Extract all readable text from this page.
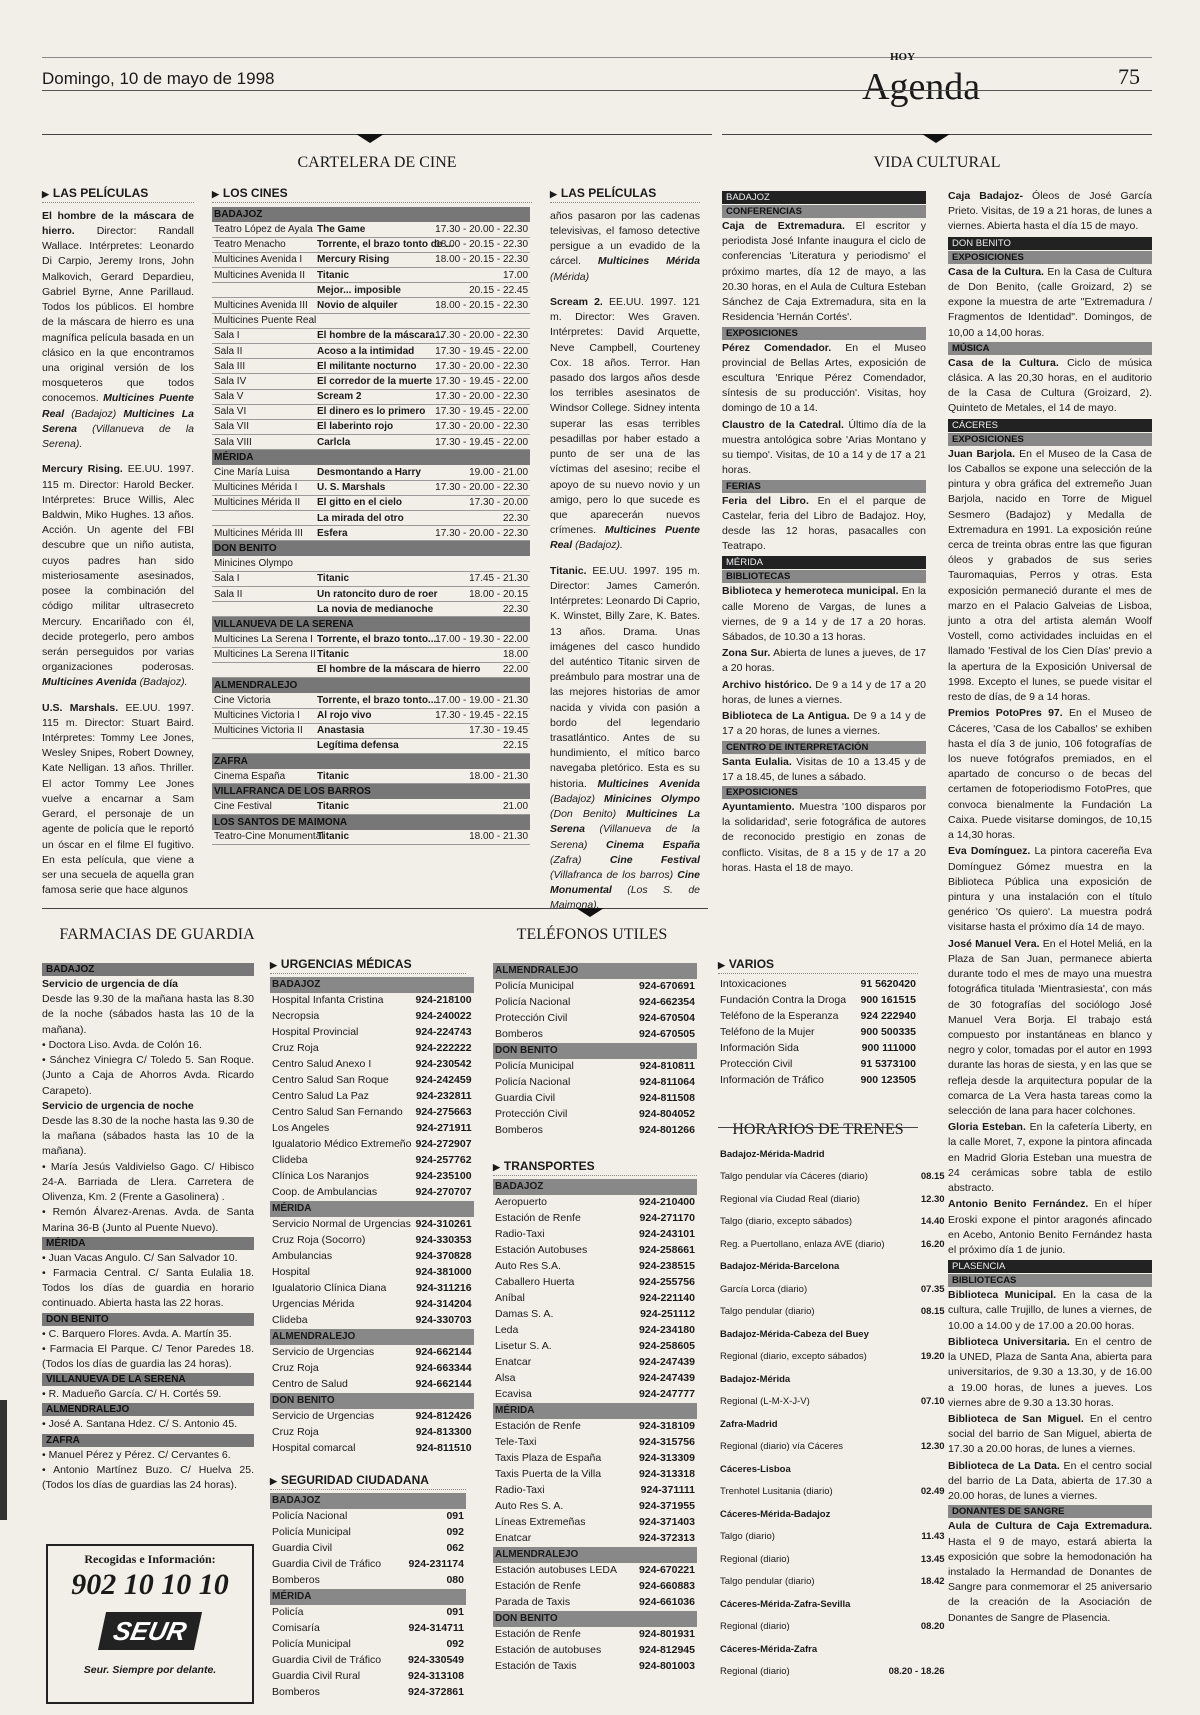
Domingo, 10 de mayo de 1998
HOY
Agenda	75
CARTELERA DE CINE	VIDA CULTURAL
▶ LAS PELÍCULAS
El hombre de la máscara de hierro. Director: Randall Wallace. Intérpretes: Leonardo Di Carpio, Jeremy Irons, John Malkovich, Gerard Depardieu, Gabriel Byrne, Anne Parillaud. Todos los públicos. El hombre de la máscara de hierro es una magnífica película basada en un clásico en la que encontramos una original versión de los mosqueteros que todos conocemos. Multicines Puente Real (Badajoz) Multicines La Serena (Villanueva de la Serena).
Mercury Rising. EE.UU. 1997. 115 m. Director: Harold Becker. Intérpretes: Bruce Willis, Alec Baldwin, Miko Hughes. 13 años. Acción. Un agente del FBI descubre que un niño autista, cuyos padres han sido misteriosamente asesinados, posee la combinación del código militar ultrasecreto Mercury. Encariñado con él, decide protegerlo, pero ambos serán perseguidos por varias organizaciones poderosas. Multicines Avenida (Badajoz).
U.S. Marshals. EE.UU. 1997. 115 m. Director: Stuart Baird. Intérpretes: Tommy Lee Jones, Wesley Snipes, Robert Downey, Kate Nelligan. 13 años. Thriller. El actor Tommy Lee Jones vuelve a encarnar a Sam Gerard, el personaje de un agente de policía que le reportó un óscar en el filme El fugitivo. En esta película, que viene a ser una secuela de aquella gran famosa serie que hace algunos
▶ LOS CINES
BADAJOZ		
Teatro López de Ayala	The Game	17.30 - 20.00 - 22.30
Teatro Menacho	Torrente, el brazo tonto de ...	18.00 - 20.15 - 22.30
Multicines Avenida I	Mercury Rising	18.00 - 20.15 - 22.30
Multicines Avenida II	Titanic	17.00
	Mejor... imposible	20.15 - 22.45
Multicines Avenida III	Novio de alquiler	18.00 - 20.15 - 22.30
Multicines Puente Real		
Sala I	El hombre de la máscara...	17.30 - 20.00 - 22.30
Sala II	Acoso a la intimidad	17.30 - 19.45 - 22.00
Sala III	El militante nocturno	17.30 - 20.00 - 22.30
Sala IV	El corredor de la muerte	17.30 - 19.45 - 22.00
Sala V	Scream 2	17.30 - 20.00 - 22.30
Sala VI	El dinero es lo primero	17.30 - 19.45 - 22.00
Sala VII	El laberinto rojo	17.30 - 20.00 - 22.30
Sala VIII	Carlcla	17.30 - 19.45 - 22.00
MÉRIDA		
Cine María Luisa	Desmontando a Harry	19.00 - 21.00
Multicines Mérida I	U. S. Marshals	17.30 - 20.00 - 22.30
Multicines Mérida II	El gitto en el cielo	17.30 - 20.00
	La mirada del otro	22.30
Multicines Mérida III	Esfera	17.30 - 20.00 - 22.30
DON BENITO		
Minicines Olympo		
Sala I	Titanic	17.45 - 21.30
Sala II	Un ratoncito duro de roer	18.00 - 20.15
	La novia de medianoche	22.30
VILLANUEVA DE LA SERENA		
Multicines La Serena I	Torrente, el brazo tonto...	17.00 - 19.30 - 22.00
Multicines La Serena II	Titanic	18.00
	El hombre de la máscara de hierro	22.00
ALMENDRALEJO		
Cine Victoria	Torrente, el brazo tonto...	17.00 - 19.00 - 21.30
Multicines Victoria I	Al rojo vivo	17.30 - 19.45 - 22.15
Multicines Victoria II	Anastasia	17.30 - 19.45
	Legítima defensa	22.15
ZAFRA		
Cinema España	Titanic	18.00 - 21.30
VILLAFRANCA DE LOS BARROS		
Cine Festival	Titanic	21.00
LOS SANTOS DE MAIMONA		
Teatro-Cine Monumental	Titanic	18.00 - 21.30
▶ LAS PELÍCULAS
años pasaron por las cadenas televisivas, el famoso detective persigue a un evadido de la cárcel. Multicines Mérida (Mérida)
Scream 2. EE.UU. 1997. 121 m. Director: Wes Graven. Intérpretes: David Arquette, Neve Campbell, Courteney Cox. 18 años. Terror. Han pasado dos largos años desde los terribles asesinatos de Windsor College. Sidney intenta superar las esas terribles pesadillas por haber estado a punto de ser una de las víctimas del asesino; recibe el apoyo de su nuevo novio y un amigo, pero lo que sucede es que aparecerán nuevos crímenes. Multicines Puente Real (Badajoz).
Titanic. EE.UU. 1997. 195 m. Director: James Camerón. Intérpretes: Leonardo Di Caprio, K. Winstet, Billy Zare, K. Bates. 13 años. Drama. Unas imágenes del casco hundido del auténtico Titanic sirven de preámbulo para mostrar una de las mejores historias de amor nacida y vivida con pasión a bordo del legendario trasatlántico. Antes de su hundimiento, el mítico barco navegaba pletórico. Esta es su historia. Multicines Avenida (Badajoz) Minicines Olympo (Don Benito) Multicines La Serena (Villanueva de la Serena) Cinema España (Zafra) Cine Festival (Villafranca de los barros) Cine Monumental (Los S. de Maimona).
BADAJOZ
CONFERENCIAS
Caja de Extremadura. El escritor y periodista José Infante inaugura el ciclo de conferencias 'Literatura y periodismo' el próximo martes, día 12 de mayo, a las 20.30 horas, en el Aula de Cultura Esteban Sánchez de Caja Extremadura, sita en la Residencia 'Hernán Cortés'.
EXPOSICIONES
Pérez Comendador. En el Museo provincial de Bellas Artes, exposición de escultura 'Enrique Pérez Comendador, síntesis de su producción'. Visitas, hoy domingo de 10 a 14.
Claustro de la Catedral. Último día de la muestra antológica sobre 'Arias Montano y su tiempo'. Visitas, de 10 a 14 y de 17 a 21 horas.
FERIAS
Feria del Libro. En el el parque de Castelar, feria del Libro de Badajoz. Hoy, desde las 12 horas, pasacalles con Teatrapo.
MÉRIDA
BIBLIOTECAS
Biblioteca y hemeroteca municipal. En la calle Moreno de Vargas, de lunes a viernes, de 9 a 14 y de 17 a 20 horas. Sábados, de 10.30 a 13 horas.
Zona Sur. Abierta de lunes a jueves, de 17 a 20 horas.
Archivo histórico. De 9 a 14 y de 17 a 20 horas, de lunes a viernes.
Biblioteca de La Antigua. De 9 a 14 y de 17 a 20 horas, de lunes a viernes.
CENTRO DE INTERPRETACIÓN
Santa Eulalia. Visitas de 10 a 13.45 y de 17 a 18.45, de lunes a sábado.
EXPOSICIONES
Ayuntamiento. Muestra '100 disparos por la solidaridad', serie fotográfica de autores de reconocido prestigio en zonas de conflicto. Visitas, de 8 a 15 y de 17 a 20 horas. Hasta el 18 de mayo.
Caja Badajoz- Óleos de José García Prieto. Visitas, de 19 a 21 horas, de lunes a viernes. Abierta hasta el día 15 de mayo.
DON BENITO
EXPOSICIONES
Casa de la Cultura. En la Casa de Cultura de Don Benito, (calle Groizard, 2) se expone la muestra de arte "Extremadura / Fragmentos de Identidad". Domingos, de 10,00 a 14,00 horas.
MÚSICA
Casa de la Cultura. Ciclo de música clásica. A las 20,30 horas, en el auditorio de la Casa de Cultura (Groizard, 2). Quinteto de Metales, el 14 de mayo.
CÁCERES
EXPOSICIONES
Juan Barjola. En el Museo de la Casa de los Caballos se expone una selección de la pintura y obra gráfica del extremeño Juan Barjola, nacido en Torre de Miguel Sesmero (Badajoz) y Medalla de Extremadura en 1991. La exposición reúne cerca de treinta obras entre las que figuran óleos y grabados de sus series Tauromaquias, Perros y otras. Esta exposición permaneció durante el mes de marzo en el Palacio Galveias de Lisboa, junto a otra del artista alemán Woolf Vostell, como actividades incluidas en el llamado 'Festival de los Cien Días' previo a la apertura de la Exposición Universal de 1998. Excepto el lunes, se puede visitar el resto de días, de 9 a 14 horas.
Premios PotoPres 97. En el Museo de Cáceres, 'Casa de los Caballos' se exhiben hasta el día 3 de junio, 106 fotografías de los nueve fotógrafos premiados, en el apartado de concurso o de becas del certamen de fotoperiodismo FotoPres, que convoca bienalmente la Fundación La Caixa. Puede visitarse domingos, de 10,15 a 14,30 horas.
Eva Domínguez. La pintora cacereña Eva Domínguez Gómez muestra en la Biblioteca Pública una exposición de pintura y una instalación con el título genérico 'Os quiero'. La muestra podrá visitarse hasta el próximo día 14 de mayo.
José Manuel Vera. En el Hotel Meliá, en la Plaza de San Juan, permanece abierta durante todo el mes de mayo una muestra fotográfica titulada 'Mientrasiesta', con más de 30 fotografías del sociólogo José Manuel Vera Borja. El trabajo está compuesto por instantáneas en blanco y negro y color, tomadas por el autor en 1993 durante las horas de siesta, y en las que se refleja desde la arquitectura popular de la comarca de La Vera hasta tareas como la selección de lana para hacer colchones.
Gloria Esteban. En la cafetería Liberty, en la calle Moret, 7, expone la pintora afincada en Madrid Gloria Esteban una muestra de 24 cerámicas sobre tabla de estilo abstracto.
Antonio Benito Fernández. En el híper Eroski expone el pintor aragonés afincado en Acebo, Antonio Benito Fernández hasta el próximo día 1 de junio.
PLASENCIA
BIBLIOTECAS
Biblioteca Municipal. En la casa de la cultura, calle Trujillo, de lunes a viernes, de 10.00 a 14.00 y de 17.00 a 20.00 horas.
Biblioteca Universitaria. En el centro de la UNED, Plaza de Santa Ana, abierta para universitarios, de 9.30 a 13.30, y de 16.00 a 19.00 horas, de lunes a jueves. Los viernes abre de 9.30 a 13.30 horas.
Biblioteca de San Miguel. En el centro social del barrio de San Miguel, abierta de 17.30 a 20.00 horas, de lunes a viernes.
Biblioteca de La Data. En el centro social del barrio de La Data, abierta de 17.30 a 20.00 horas, de lunes a viernes.
DONANTES DE SANGRE
Aula de Cultura de Caja Extremadura. Hasta el 9 de mayo, estará abierta la exposición que sobre la hemodonación ha instalado la Hermandad de Donantes de Sangre para conmemorar el 25 aniversario de la creación de la Asociación de Donantes de Sangre de Plasencia.
FARMACIAS DE GUARDIA
BADAJOZ
Servicio de urgencia de día
Desde las 9.30 de la mañana hasta las 8.30 de la noche (sábados hasta las 10 de la mañana).
• Doctora Liso. Avda. de Colón 16.
• Sánchez Viniegra C/ Toledo 5. San Roque. (Junto a Caja de Ahorros Avda. Ricardo Carapeto).
Servicio de urgencia de noche
Desde las 8.30 de la noche hasta las 9.30 de la mañana (sábados hasta las 10 de la mañana).
• María Jesús Valdivielso Gago. C/ Hibisco 24-A. Barriada de Llera. Carretera de Olivenza, Km. 2 (Frente a Gasolinera) .
• Remón Álvarez-Arenas. Avda. de Santa Marina 36-B (Junto al Puente Nuevo).
MÉRIDA
• Juan Vacas Angulo. C/ San Salvador 10.
• Farmacia Central. C/ Santa Eulalia 18. Todos los días de guardia en horario continuado. Abierta hasta las 22 horas.
DON BENITO
• C. Barquero Flores. Avda. A. Martín 35.
• Farmacia El Parque. C/ Tenor Paredes 18. (Todos los días de guardia las 24 horas).
VILLANUEVA DE LA SERENA
• R. Madueño García. C/ H. Cortés 59.
ALMENDRALEJO
• José A. Santana Hdez. C/ S. Antonio 45.
ZAFRA
• Manuel Pérez y Pérez. C/ Cervantes 6.
• Antonio Martínez Buzo. C/ Huelva 25. (Todos los días de guardias las 24 horas).
Recogidas e Información:
902 10 10 10
SEUR
Seur. Siempre por delante.
TELÉFONOS UTILES
▶ URGENCIAS MÉDICAS
BADAJOZ	
Hospital Infanta Cristina	924-218100
Necropsia	924-240022
Hospital Provincial	924-224743
Cruz Roja	924-222222
Centro Salud Anexo I	924-230542
Centro Salud San Roque	924-242459
Centro Salud La Paz	924-232811
Centro Salud San Fernando	924-275663
Los Angeles	924-271911
Igualatorio Médico Extremeño	924-272907
Clideba	924-257762
Clínica Los Naranjos	924-235100
Coop. de Ambulancias	924-270707
MÉRIDA	
Servicio Normal de Urgencias	924-310261
Cruz Roja (Socorro)	924-330353
Ambulancias	924-370828
Hospital	924-381000
Igualatorio Clínica Diana	924-311216
Urgencias Mérida	924-314204
Clideba	924-330703
ALMENDRALEJO	
Servicio de Urgencias	924-662144
Cruz Roja	924-663344
Centro de Salud	924-662144
DON BENITO	
Servicio de Urgencias	924-812426
Cruz Roja	924-813300
Hospital comarcal	924-811510
▶ SEGURIDAD CIUDADANA
BADAJOZ	
Policía Nacional	091
Policía Municipal	092
Guardia Civil	062
Guardia Civil de Tráfico	924-231174
Bomberos	080
MÉRIDA	
Policía	091
Comisaría	924-314711
Policía Municipal	092
Guardia Civil de Tráfico	924-330549
Guardia Civil Rural	924-313108
Bomberos	924-372861
ALMENDRALEJO	
Policía Municipal	924-670691
Policía Nacional	924-662354
Protección Civil	924-670504
Bomberos	924-670505
DON BENITO	
Policía Municipal	924-810811
Policía Nacional	924-811064
Guardia Civil	924-811508
Protección Civil	924-804052
Bomberos	924-801266
▶ TRANSPORTES
BADAJOZ	
Aeropuerto	924-210400
Estación de Renfe	924-271170
Radio-Taxi	924-243101
Estación Autobuses	924-258661
Auto Res S.A.	924-238515
Caballero Huerta	924-255756
Aníbal	924-221140
Damas S. A.	924-251112
Leda	924-234180
Lisetur S. A.	924-258605
Enatcar	924-247439
Alsa	924-247439
Ecavisa	924-247777
MÉRIDA	
Estación de Renfe	924-318109
Tele-Taxi	924-315756
Taxis Plaza de España	924-313309
Taxis Puerta de la Villa	924-313318
Radio-Taxi	924-371111
Auto Res S. A.	924-371955
Líneas Extremeñas	924-371403
Enatcar	924-372313
ALMENDRALEJO	
Estación autobuses LEDA	924-670221
Estación de Renfe	924-660883
Parada de Taxis	924-661036
DON BENITO	
Estación de Renfe	924-801931
Estación de autobuses	924-812945
Estación de Taxis	924-801003
▶ VARIOS
Intoxicaciones	91 5620420
Fundación Contra la Droga	900 161515
Teléfono de la Esperanza	924 222940
Teléfono de la Mujer	900 500335
Información Sida	900 111000
Protección Civil	91 5373100
Información de Tráfico	900 123505
HORARIOS DE TRENES
Badajoz-Mérida-Madrid	
Talgo pendular vía Cáceres (diario)	08.15
Regional vía Ciudad Real (diario)	12.30
Talgo (diario, excepto sábados)	14.40
Reg. a Puertollano, enlaza AVE (diario)	16.20
Badajoz-Mérida-Barcelona	
García Lorca (diario)	07.35
Talgo pendular (diario)	08.15
Badajoz-Mérida-Cabeza del Buey	
Regional (diario, excepto sábados)	19.20
Badajoz-Mérida	
Regional (L-M-X-J-V)	07.10
Zafra-Madrid	
Regional (diario) vía Cáceres	12.30
Cáceres-Lisboa	
Trenhotel Lusitania (diario)	02.49
Cáceres-Mérida-Badajoz	
Talgo (diario)	11.43
Regional (diario)	13.45
Talgo pendular (diario)	18.42
Cáceres-Mérida-Zafra-Sevilla	
Regional (diario)	08.20
Cáceres-Mérida-Zafra	
Regional (diario)	08.20 - 18.26
